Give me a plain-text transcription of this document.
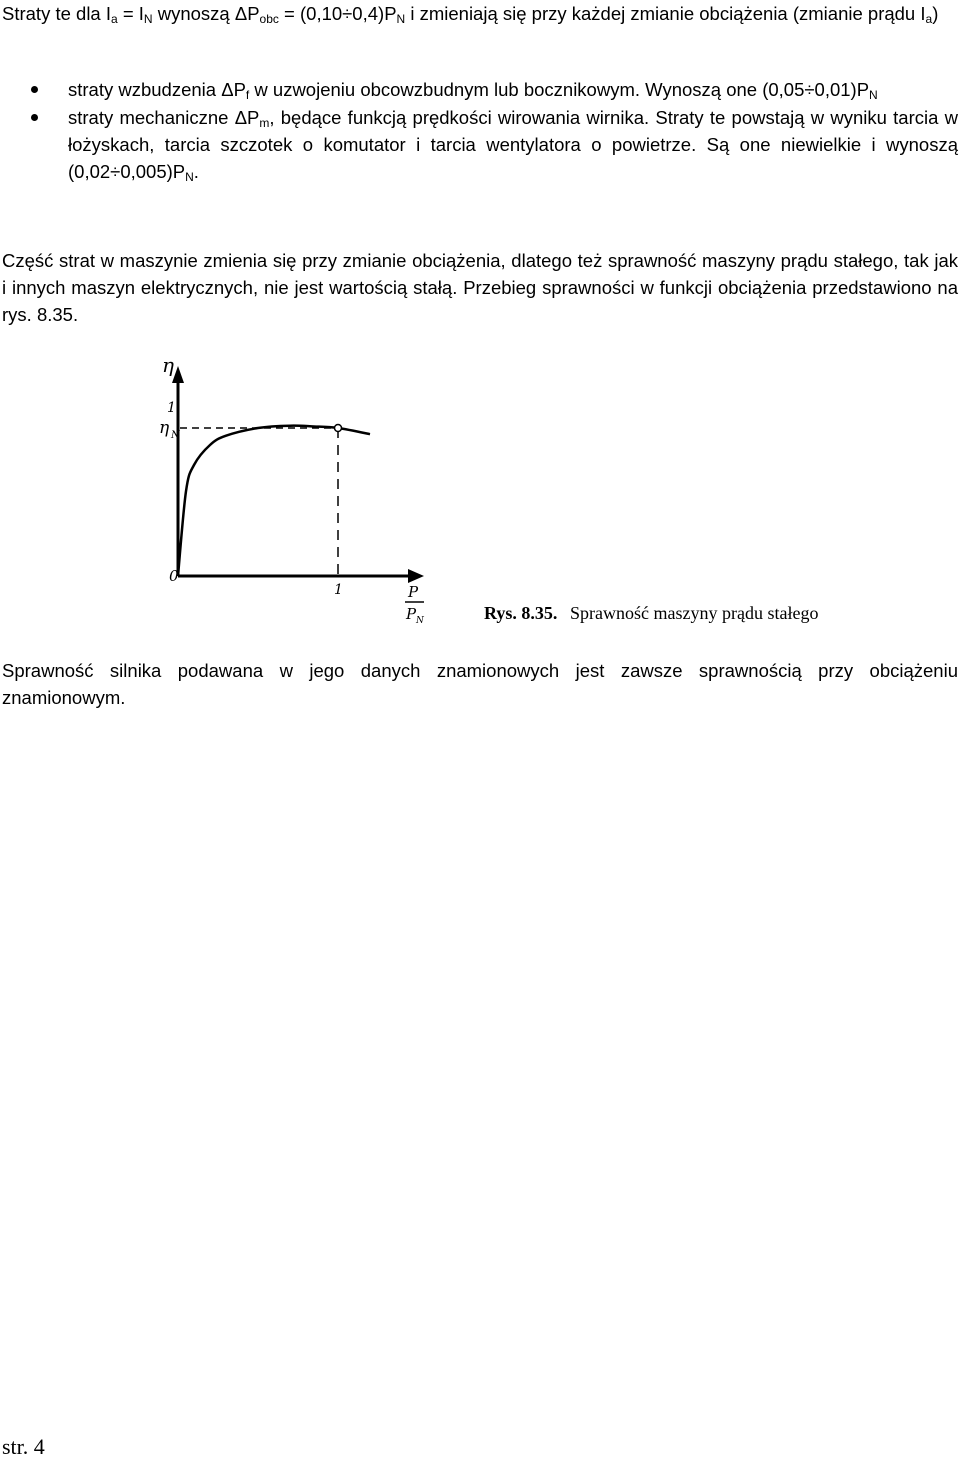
Straty te dla $I_a = I_N$ wynoszą $\Delta P_{obc} = (0,10\div 0,4)P_N$ i zmieniają się przy każdej zmianie obciążenia (zmianie prądu $I_a$)

straty wzbudzenia $\Delta P_f$ w uzwojeniu obcowzbudnym lub bocznikowym. Wynoszą one $(0,05\div 0,01)P_N$

straty mechaniczne $\Delta P_m$, będące funkcją prędkości wirowania wirnika. Straty te powstają w wyniku tarcia w łożyskach, tarcia szczotek o komutator i tarcia wentylatora o powietrze. Są one niewielkie i wynoszą $(0,02\div 0,005)P_N$.

Część strat w maszynie zmienia się przy zmianie obciążenia, dlatego też sprawność maszyny prądu stałego, tak jak i innych maszyn elektrycznych, nie jest wartością stałą. Przebieg sprawności w funkcji obciążenia przedstawiono na rys. 8.35.

η
1
η N
0
1	P
P N	Rys. 8.35. Sprawność maszyny prądu stałego

Sprawność silnika podawana w jego danych znamionowych jest zawsze sprawnością przy obciążeniu znamionowym.

str. 4
